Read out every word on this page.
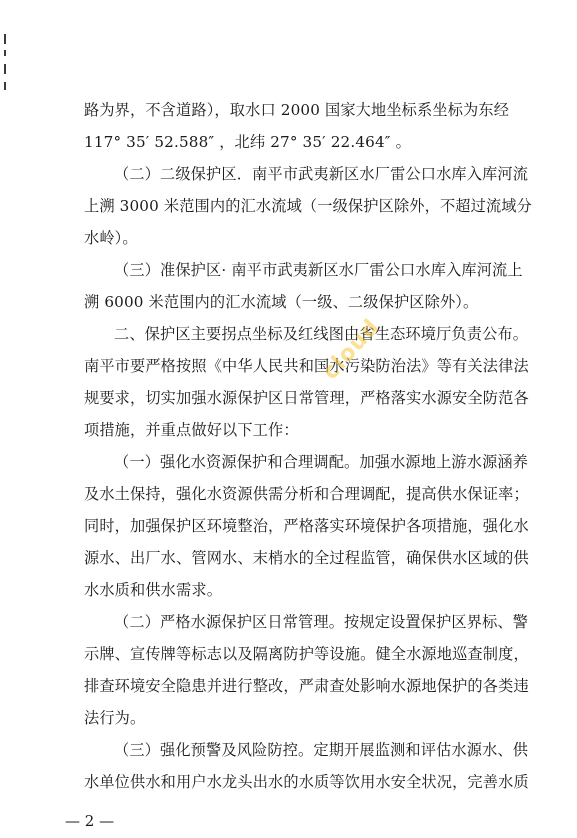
路为界，不含道路），取水口 2000 国家大地坐标系坐标为东经
117° 35′ 52.588″ ，北纬 27° 35′ 22.464″ 。
（二）二级保护区．南平市武夷新区水厂雷公口水库入库河流
上溯 3000 米范围内的汇水流域（一级保护区除外，不超过流域分
水岭）。
（三）准保护区· 南平市武夷新区水厂雷公口水库入库河流上
溯 6000 米范围内的汇水流域（一级、二级保护区除外）。
二、保护区主要拐点坐标及红线图由省生态环境厅负责公布。
南平市要严格按照《中华人民共和国水污染防治法》等有关法律法
规要求，切实加强水源保护区日常管理，严格落实水源安全防范各
项措施，并重点做好以下工作：
（一）强化水资源保护和合理调配。加强水源地上游水源涵养
及水土保持，强化水资源供需分析和合理调配，提高供水保证率；
同时，加强保护区环境整治，严格落实环境保护各项措施，强化水
源水、出厂水、管网水、末梢水的全过程监管，确保供水区域的供
水水质和供水需求。
（二）严格水源保护区日常管理。按规定设置保护区界标、警
示牌、宣传牌等标志以及隔离防护等设施。健全水源地巡查制度，
排查环境安全隐患并进行整改，严肃查处影响水源地保护的各类违
法行为。
（三）强化预警及风险防控。定期开展监测和评估水源水、供
水单位供水和用户水龙头出水的水质等饮用水安全状况，完善水质
cloud
— 2 —
